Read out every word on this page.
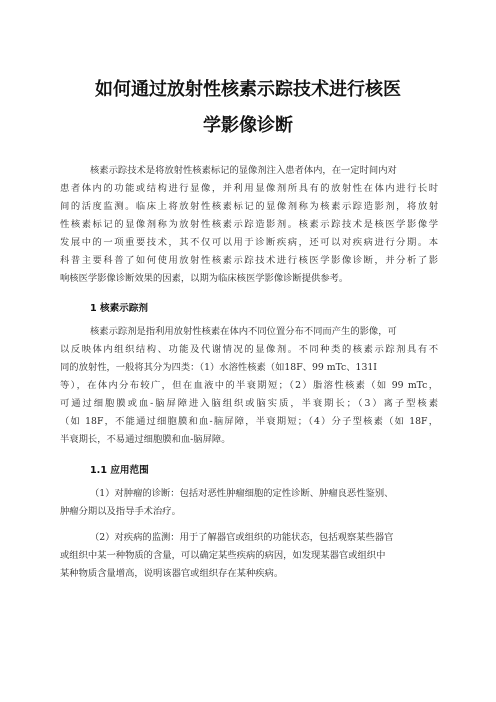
如何通过放射性核素示踪技术进行核医
学影像诊断
核素示踪技术是将放射性核素标记的显像剂注入患者体内，在一定时间内对
患者体内的功能或结构进行显像，并利用显像剂所具有的放射性在体内进行长时
间的活度监测。临床上将放射性核素标记的显像剂称为核素示踪造影剂，将放射
性核素标记的显像剂称为放射性核素示踪造影剂。核素示踪技术是核医学影像学
发展中的一项重要技术，其不仅可以用于诊断疾病，还可以对疾病进行分期。本
科普主要科普了如何使用放射性核素示踪技术进行核医学影像诊断，并分析了影
响核医学影像诊断效果的因素，以期为临床核医学影像诊断提供参考。
1 核素示踪剂
核素示踪剂是指利用放射性核素在体内不同位置分布不同而产生的影像，可
以反映体内组织结构、功能及代谢情况的显像剂。不同种类的核素示踪剂具有不
同的放射性，一般将其分为四类：（1）水溶性核素（如18F、99 mTc、131I
等），在体内分布较广，但在血液中的半衰期短；（2）脂溶性核素（如 99 mTc，
可通过细胞膜或血-脑屏障进入脑组织或脑实质，半衰期长；（3）离子型核素
（如 18F，不能通过细胞膜和血-脑屏障，半衰期短；（4）分子型核素（如 18F，
半衰期长，不易通过细胞膜和血-脑屏障。
1.1 应用范围
（1）对肿瘤的诊断：包括对恶性肿瘤细胞的定性诊断、肿瘤良恶性鉴别、
肿瘤分期以及指导手术治疗。
（2）对疾病的监测：用于了解器官或组织的功能状态，包括观察某些器官
或组织中某一种物质的含量，可以确定某些疾病的病因，如发现某器官或组织中
某种物质含量增高，说明该器官或组织存在某种疾病。
